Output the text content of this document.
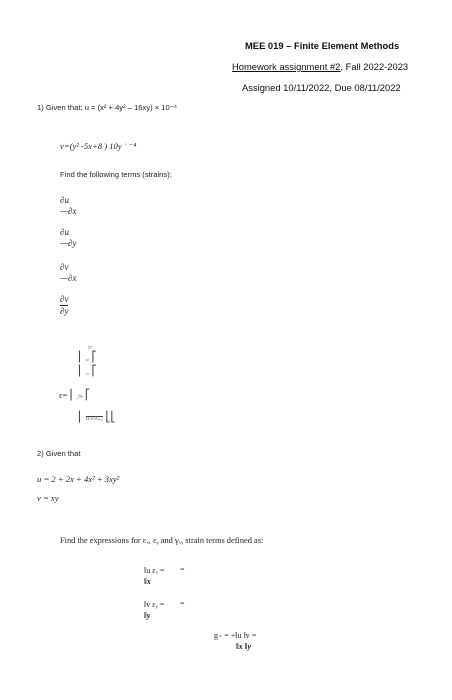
MEE 019 – Finite Element Methods
Homework assignment #2, Fall 2022-2023
Assigned 10/11/2022, Due 08/11/2022
1) Given that; u = (x² + 4y² – 16xy) × 10⁻⁴
v=(y² -5x+8 ) 10y ˙ ⁻⁴
Find the following terms (strains):
∂u
—∂x
∂u
—∂y
∂v
—∂x
$\frac{\partial v}{\partial y}$
¹⁷
⎢ ₂₀ ⎡
⎢ ₁₅ ⎡
ε= ⎢ ₁% ⎡
⎢ ℓr'ε+εₙₒ₃ ⎣⎣
2) Given that
u = 2 + 2x + 4x² + 3xy²
v = xy
Find the expressions for εₓ, εᵧ and γₓᵧ strain terms defined as:
‖u εₓ =
‖x
=
‖v εᵧ =
‖y
=
g₌ = +‖u ‖v =
‖x ‖y
